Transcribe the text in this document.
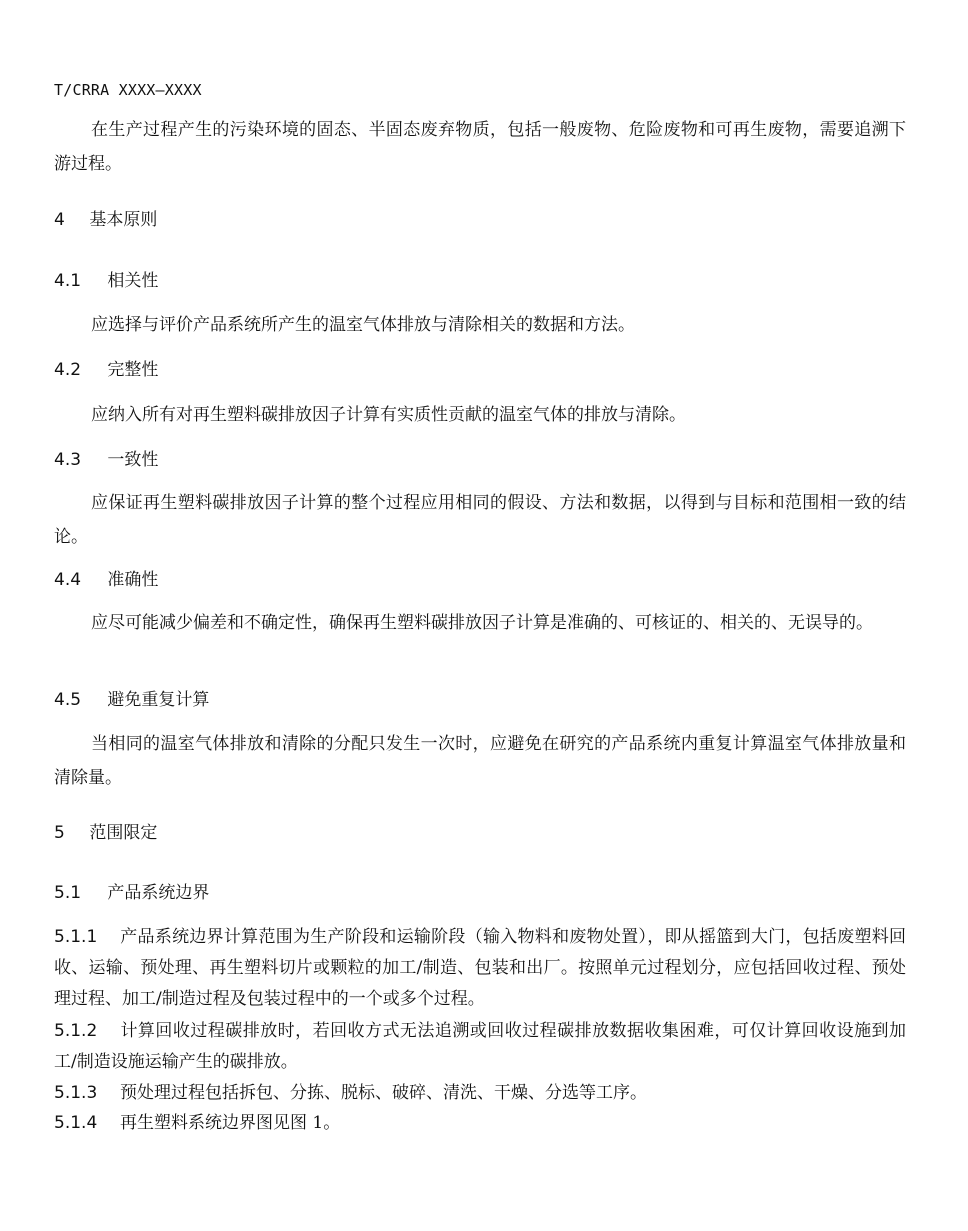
T/CRRA XXXX—XXXX
在生产过程产生的污染环境的固态、半固态废弃物质，包括一般废物、危险废物和可再生废物，需要追溯下游过程。
4 基本原则
4.1 相关性
应选择与评价产品系统所产生的温室气体排放与清除相关的数据和方法。
4.2 完整性
应纳入所有对再生塑料碳排放因子计算有实质性贡献的温室气体的排放与清除。
4.3 一致性
应保证再生塑料碳排放因子计算的整个过程应用相同的假设、方法和数据，以得到与目标和范围相一致的结论。
4.4 准确性
应尽可能减少偏差和不确定性，确保再生塑料碳排放因子计算是准确的、可核证的、相关的、无误导的。
4.5 避免重复计算
当相同的温室气体排放和清除的分配只发生一次时，应避免在研究的产品系统内重复计算温室气体排放量和清除量。
5 范围限定
5.1 产品系统边界
5.1.1 产品系统边界计算范围为生产阶段和运输阶段（输入物料和废物处置），即从摇篮到大门，包括废塑料回收、运输、预处理、再生塑料切片或颗粒的加工/制造、包装和出厂。按照单元过程划分，应包括回收过程、预处理过程、加工/制造过程及包装过程中的一个或多个过程。
5.1.2 计算回收过程碳排放时，若回收方式无法追溯或回收过程碳排放数据收集困难，可仅计算回收设施到加工/制造设施运输产生的碳排放。
5.1.3 预处理过程包括拆包、分拣、脱标、破碎、清洗、干燥、分选等工序。
5.1.4 再生塑料系统边界图见图 1。
